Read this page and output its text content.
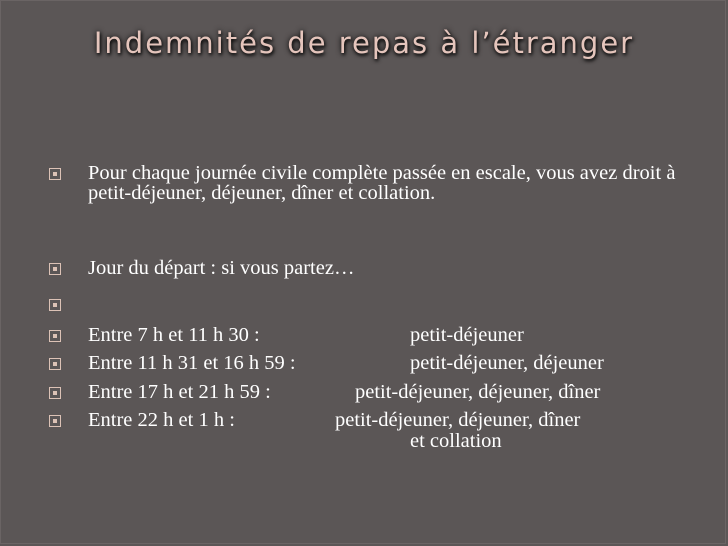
Indemnités de repas à l’étranger
Pour chaque journée civile complète passée en escale, vous avez droit à petit-déjeuner, déjeuner, dîner et collation.
Jour du départ : si vous partez…
Entre 7 h et 11 h 30 :	petit-déjeuner
Entre 11 h 31 et 16 h 59 :	petit-déjeuner, déjeuner
Entre 17 h et 21 h 59 :	petit-déjeuner, déjeuner, dîner
Entre 22 h et 1 h :	petit-déjeuner, déjeuner, dîner
et collation
